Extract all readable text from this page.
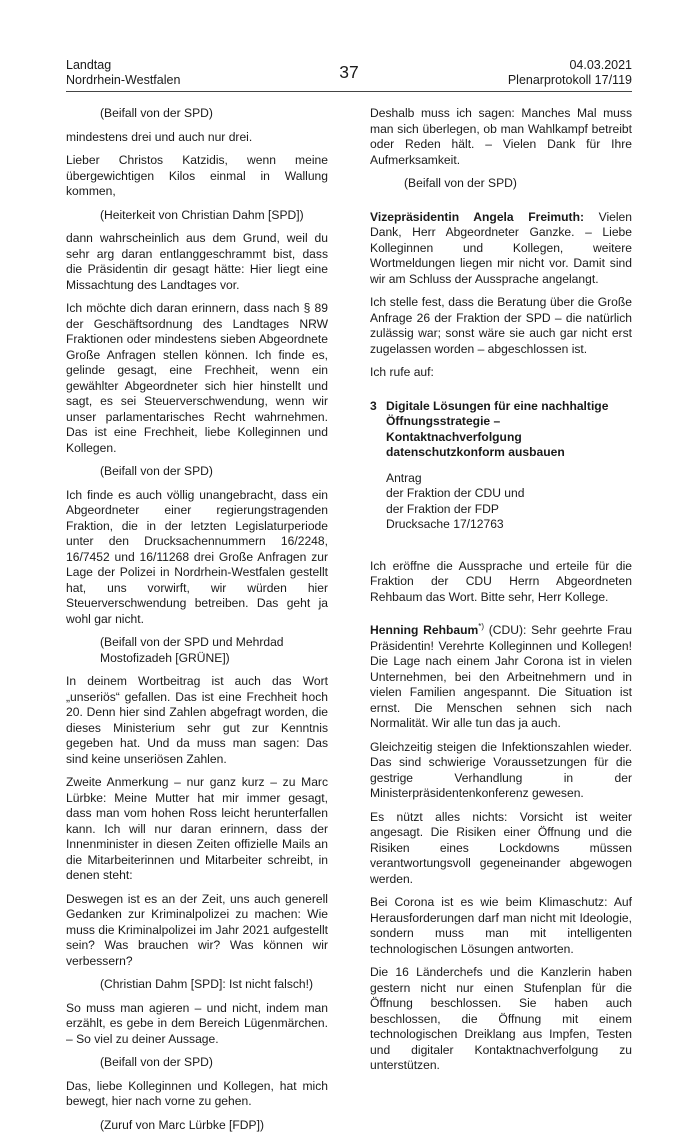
Landtag
Nordrhein-Westfalen	37	04.03.2021
Plenarprotokoll 17/119

(Beifall von der SPD)

mindestens drei und auch nur drei.

Lieber Christos Katzidis, wenn meine übergewichtigen Kilos einmal in Wallung kommen,

(Heiterkeit von Christian Dahm [SPD])

dann wahrscheinlich aus dem Grund, weil du sehr arg daran entlanggeschrammt bist, dass die Präsidentin dir gesagt hätte: Hier liegt eine Missachtung des Landtages vor.

Ich möchte dich daran erinnern, dass nach § 89 der Geschäftsordnung des Landtages NRW Fraktionen oder mindestens sieben Abgeordnete Große Anfragen stellen können. Ich finde es, gelinde gesagt, eine Frechheit, wenn ein gewählter Abgeordneter sich hier hinstellt und sagt, es sei Steuerverschwendung, wenn wir unser parlamentarisches Recht wahrnehmen. Das ist eine Frechheit, liebe Kolleginnen und Kollegen.

(Beifall von der SPD)

Ich finde es auch völlig unangebracht, dass ein Abgeordneter einer regierungstragenden Fraktion, die in der letzten Legislaturperiode unter den Drucksachennummern 16/2248, 16/7452 und 16/11268 drei Große Anfragen zur Lage der Polizei in Nordrhein-Westfalen gestellt hat, uns vorwirft, wir würden hier Steuerverschwendung betreiben. Das geht ja wohl gar nicht.

(Beifall von der SPD und Mehrdad Mostofizadeh [GRÜNE])

In deinem Wortbeitrag ist auch das Wort „unseriös“ gefallen. Das ist eine Frechheit hoch 20. Denn hier sind Zahlen abgefragt worden, die dieses Ministerium sehr gut zur Kenntnis gegeben hat. Und da muss man sagen: Das sind keine unseriösen Zahlen.

Zweite Anmerkung – nur ganz kurz – zu Marc Lürbke: Meine Mutter hat mir immer gesagt, dass man vom hohen Ross leicht herunterfallen kann. Ich will nur daran erinnern, dass der Innenminister in diesen Zeiten offizielle Mails an die Mitarbeiterinnen und Mitarbeiter schreibt, in denen steht:

Deswegen ist es an der Zeit, uns auch generell Gedanken zur Kriminalpolizei zu machen: Wie muss die Kriminalpolizei im Jahr 2021 aufgestellt sein? Was brauchen wir? Was können wir verbessern?

(Christian Dahm [SPD]: Ist nicht falsch!)

So muss man agieren – und nicht, indem man erzählt, es gebe in dem Bereich Lügenmärchen. – So viel zu deiner Aussage.

(Beifall von der SPD)

Das, liebe Kolleginnen und Kollegen, hat mich bewegt, hier nach vorne zu gehen.

(Zuruf von Marc Lürbke [FDP])

Deshalb muss ich sagen: Manches Mal muss man sich überlegen, ob man Wahlkampf betreibt oder Reden hält. – Vielen Dank für Ihre Aufmerksamkeit.

(Beifall von der SPD)

Vizepräsidentin Angela Freimuth: Vielen Dank, Herr Abgeordneter Ganzke. – Liebe Kolleginnen und Kollegen, weitere Wortmeldungen liegen mir nicht vor. Damit sind wir am Schluss der Aussprache angelangt.

Ich stelle fest, dass die Beratung über die Große Anfrage 26 der Fraktion der SPD – die natürlich zulässig war; sonst wäre sie auch gar nicht erst zugelassen worden – abgeschlossen ist.

Ich rufe auf:

3 Digitale Lösungen für eine nachhaltige Öffnungsstrategie – Kontaktnachverfolgung datenschutzkonform ausbauen
Antrag
der Fraktion der CDU und
der Fraktion der FDP
Drucksache 17/12763

Ich eröffne die Aussprache und erteile für die Fraktion der CDU Herrn Abgeordneten Rehbaum das Wort. Bitte sehr, Herr Kollege.

Henning Rehbaum*) (CDU): Sehr geehrte Frau Präsidentin! Verehrte Kolleginnen und Kollegen! Die Lage nach einem Jahr Corona ist in vielen Unternehmen, bei den Arbeitnehmern und in vielen Familien angespannt. Die Situation ist ernst. Die Menschen sehnen sich nach Normalität. Wir alle tun das ja auch.

Gleichzeitig steigen die Infektionszahlen wieder. Das sind schwierige Voraussetzungen für die gestrige Verhandlung in der Ministerpräsidentenkonferenz gewesen.

Es nützt alles nichts: Vorsicht ist weiter angesagt. Die Risiken einer Öffnung und die Risiken eines Lockdowns müssen verantwortungsvoll gegeneinander abgewogen werden.

Bei Corona ist es wie beim Klimaschutz: Auf Herausforderungen darf man nicht mit Ideologie, sondern muss man mit intelligenten technologischen Lösungen antworten.

Die 16 Länderchefs und die Kanzlerin haben gestern nicht nur einen Stufenplan für die Öffnung beschlossen. Sie haben auch beschlossen, die Öffnung mit einem technologischen Dreiklang aus Impfen, Testen und digitaler Kontaktnachverfolgung zu unterstützen.
